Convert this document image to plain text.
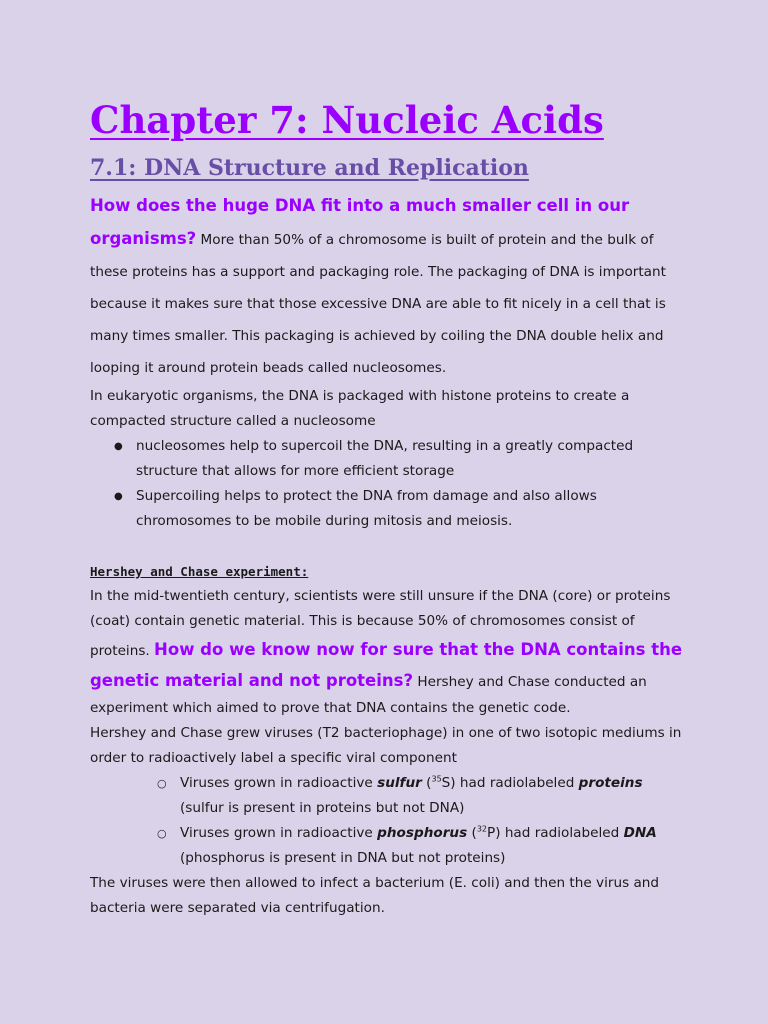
Chapter 7: Nucleic Acids
7.1: DNA Structure and Replication

How does the huge DNA fit into a much smaller cell in our organisms? More than 50% of a chromosome is built of protein and the bulk of these proteins has a support and packaging role. The packaging of DNA is important because it makes sure that those excessive DNA are able to fit nicely in a cell that is many times smaller. This packaging is achieved by coiling the DNA double helix and looping it around protein beads called nucleosomes.

In eukaryotic organisms, the DNA is packaged with histone proteins to create a compacted structure called a nucleosome

● nucleosomes help to supercoil the DNA, resulting in a greatly compacted structure that allows for more efficient storage
● Supercoiling helps to protect the DNA from damage and also allows chromosomes to be mobile during mitosis and meiosis.

Hershey and Chase experiment:

In the mid-twentieth century, scientists were still unsure if the DNA (core) or proteins (coat) contain genetic material. This is because 50% of chromosomes consist of proteins. How do we know now for sure that the DNA contains the genetic material and not proteins? Hershey and Chase conducted an experiment which aimed to prove that DNA contains the genetic code.

Hershey and Chase grew viruses (T2 bacteriophage) in one of two isotopic mediums in order to radioactively label a specific viral component

○ Viruses grown in radioactive sulfur ($^{35}$S) had radiolabeled proteins
(sulfur is present in proteins but not DNA)
○ Viruses grown in radioactive phosphorus ($^{32}$P) had radiolabeled DNA
(phosphorus is present in DNA but not proteins)

The viruses were then allowed to infect a bacterium (E. coli) and then the virus and bacteria were separated via centrifugation.
